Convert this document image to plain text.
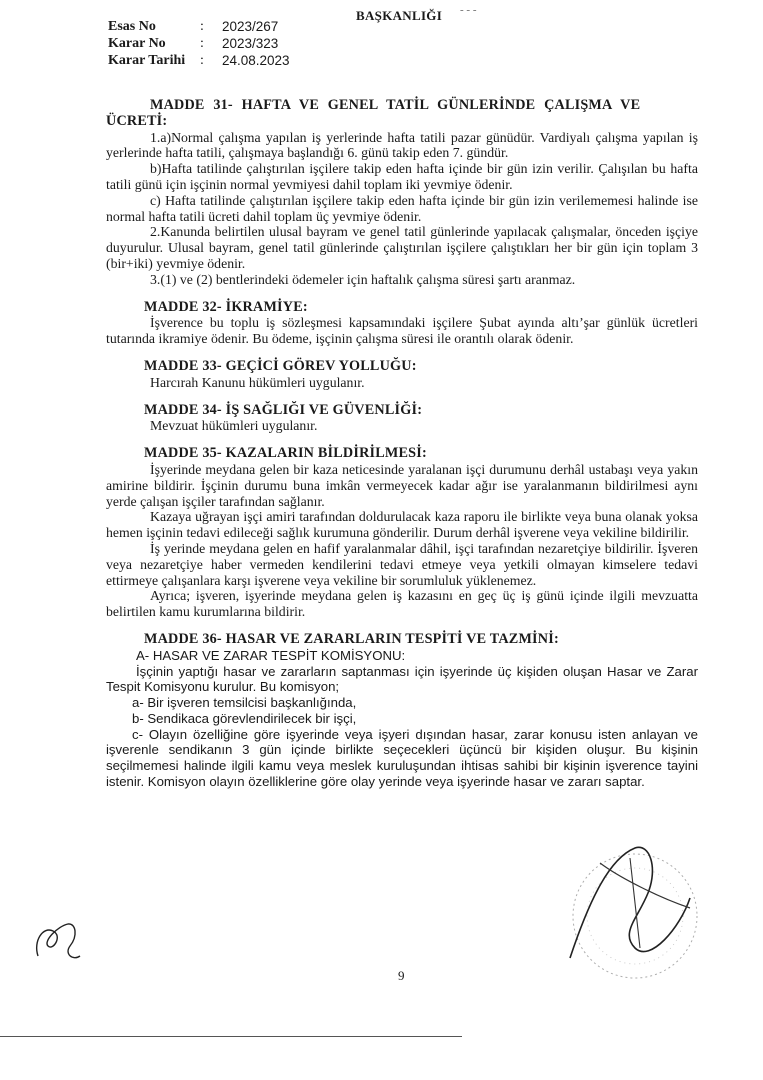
- - -
BAŞKANLIĞI
Esas No	:	2023/267
Karar No	:	2023/323
Karar Tarihi	:	24.08.2023
MADDE 31- HAFTA VE GENEL TATİL GÜNLERİNDE ÇALIŞMA VE ÜCRETİ:
1.a)Normal çalışma yapılan iş yerlerinde hafta tatili pazar günüdür. Vardiyalı çalışma yapılan iş yerlerinde hafta tatili, çalışmaya başlandığı 6. günü takip eden 7. gündür.
b)Hafta tatilinde çalıştırılan işçilere takip eden hafta içinde bir gün izin verilir. Çalışılan bu hafta tatili günü için işçinin normal yevmiyesi dahil toplam iki yevmiye ödenir.
c) Hafta tatilinde çalıştırılan işçilere takip eden hafta içinde bir gün izin verilememesi halinde ise normal hafta tatili ücreti dahil toplam üç yevmiye ödenir.
2.Kanunda belirtilen ulusal bayram ve genel tatil günlerinde yapılacak çalışmalar, önceden işçiye duyurulur. Ulusal bayram, genel tatil günlerinde çalıştırılan işçilere çalıştıkları her bir gün için toplam 3 (bir+iki) yevmiye ödenir.
3.(1) ve (2) bentlerindeki ödemeler için haftalık çalışma süresi şartı aranmaz.
MADDE 32- İKRAMİYE:
İşverence bu toplu iş sözleşmesi kapsamındaki işçilere Şubat ayında altı’şar günlük ücretleri tutarında ikramiye ödenir. Bu ödeme, işçinin çalışma süresi ile orantılı olarak ödenir.
MADDE 33- GEÇİCİ GÖREV YOLLUĞU:
Harcırah Kanunu hükümleri uygulanır.
MADDE 34- İŞ SAĞLIĞI VE GÜVENLİĞİ:
Mevzuat hükümleri uygulanır.
MADDE 35- KAZALARIN BİLDİRİLMESİ:
İşyerinde meydana gelen bir kaza neticesinde yaralanan işçi durumunu derhâl ustabaşı veya yakın amirine bildirir. İşçinin durumu buna imkân vermeyecek kadar ağır ise yaralanmanın bildirilmesi aynı yerde çalışan işçiler tarafından sağlanır.
Kazaya uğrayan işçi amiri tarafından doldurulacak kaza raporu ile birlikte veya buna olanak yoksa hemen işçinin tedavi edileceği sağlık kurumuna gönderilir. Durum derhâl işverene veya vekiline bildirilir.
İş yerinde meydana gelen en hafif yaralanmalar dâhil, işçi tarafından nezaretçiye bildirilir. İşveren veya nezaretçiye haber vermeden kendilerini tedavi etmeye veya yetkili olmayan kimselere tedavi ettirmeye çalışanlara karşı işverene veya vekiline bir sorumluluk yüklenemez.
Ayrıca; işveren, işyerinde meydana gelen iş kazasını en geç üç iş günü içinde ilgili mevzuatta belirtilen kamu kurumlarına bildirir.
MADDE 36- HASAR VE ZARARLARIN TESPİTİ VE TAZMİNİ:
A- HASAR VE ZARAR TESPİT KOMİSYONU:
İşçinin yaptığı hasar ve zararların saptanması için işyerinde üç kişiden oluşan Hasar ve Zarar Tespit Komisyonu kurulur. Bu komisyon;
a- Bir işveren temsilcisi başkanlığında,
b- Sendikaca görevlendirilecek bir işçi,
c- Olayın özelliğine göre işyerinde veya işyeri dışından hasar, zarar konusu isten anlayan ve işverenle sendikanın 3 gün içinde birlikte seçecekleri üçüncü bir kişiden oluşur. Bu kişinin seçilmemesi halinde ilgili kamu veya meslek kuruluşundan ihtisas sahibi bir kişinin işverence tayini istenir. Komisyon olayın özelliklerine göre olay yerinde veya işyerinde hasar ve zararı saptar.
9
